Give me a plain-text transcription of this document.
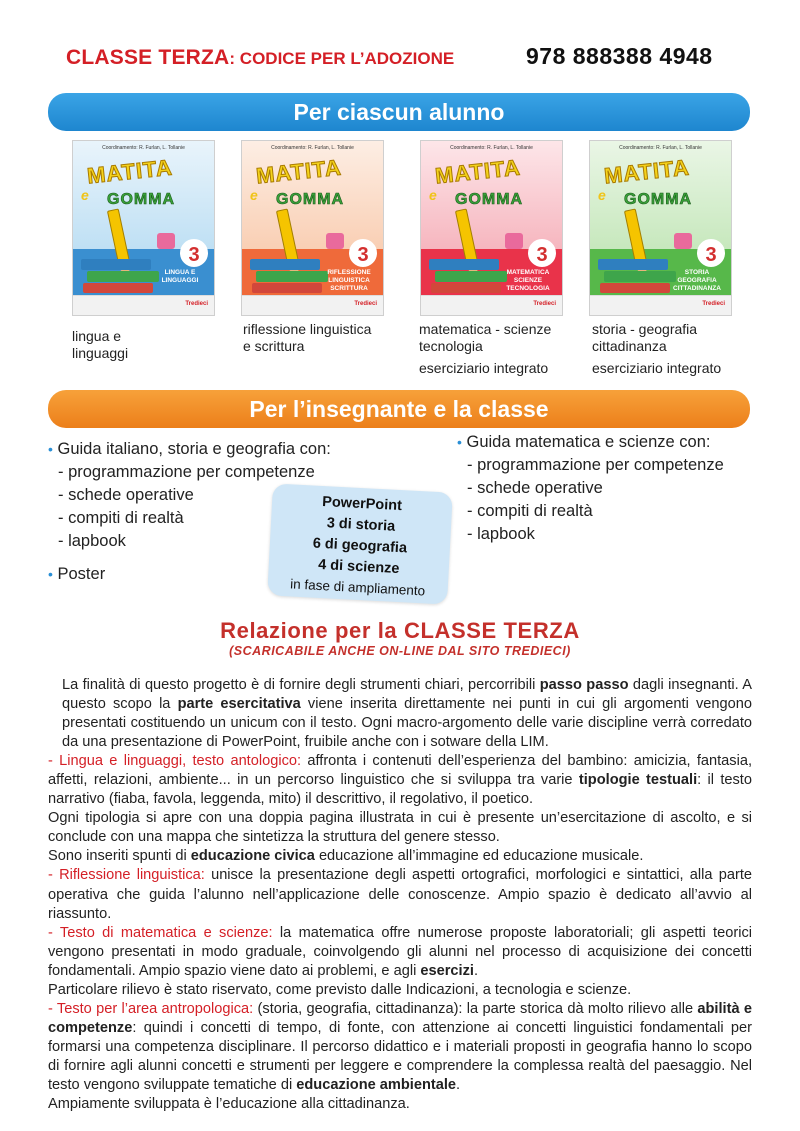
CLASSE TERZA: CODICE PER L’ADOZIONE	978 888388 4948
Per ciascun alunno
Coordinamento: R. Furlan, L. Tollanie
MATITA
e GOMMA
3
LINGUA E LINGUAGGI
Tredieci
Coordinamento: R. Furlan, L. Tollanie
MATITA
e GOMMA
3
RIFLESSIONE LINGUISTICA SCRITTURA
Tredieci
Coordinamento: R. Furlan, L. Tollanie
MATITA
e GOMMA
3
MATEMATICA SCIENZE TECNOLOGIA
Tredieci
Coordinamento: R. Furlan, L. Tollanie
MATITA
e GOMMA
3
STORIA GEOGRAFIA CITTADINANZA
Tredieci
lingua e
linguaggi
riflessione linguistica
e scrittura
matematica - scienze
tecnologia
eserciziario integrato
storia - geografia
cittadinanza
eserciziario integrato
Per l’insegnante e la classe
• Guida italiano, storia e geografia con:
- programmazione per competenze
- schede operative
- compiti di realtà
- lapbook
• Poster
• Guida matematica e scienze con:
- programmazione per competenze
- schede operative
- compiti di realtà
- lapbook
PowerPoint
3 di storia
6 di geografia
4 di scienze
in fase di ampliamento
Relazione per la CLASSE TERZA
(SCARICABILE ANCHE ON-LINE DAL SITO TREDIECI)

La finalità di questo progetto è di fornire degli strumenti chiari, percorribili passo passo dagli insegnanti. A questo scopo la parte esercitativa viene inserita direttamente nei punti in cui gli argomenti vengono presentati costituendo un unicum con il testo. Ogni macro-argomento delle varie discipline verrà corredato da una presentazione di PowerPoint, fruibile anche con i sotware della LIM.

- Lingua e linguaggi, testo antologico: affronta i contenuti dell’esperienza del bambino: amicizia, fantasia, affetti, relazioni, ambiente... in un percorso linguistico che si sviluppa tra varie tipologie testuali: il testo narrativo (fiaba, favola, leggenda, mito) il descrittivo, il regolativo, il poetico.

Ogni tipologia si apre con una doppia pagina illustrata in cui è presente un’esercitazione di ascolto, e si conclude con una mappa che sintetizza la struttura del genere stesso.

Sono inseriti spunti di educazione civica educazione all’immagine ed educazione musicale.

- Riflessione linguistica: unisce la presentazione degli aspetti ortografici, morfologici e sintattici, alla parte operativa che guida l’alunno nell’applicazione delle conoscenze. Ampio spazio è dedicato all’avvio al riassunto.

- Testo di matematica e scienze: la matematica offre numerose proposte laboratoriali; gli aspetti teorici vengono presentati in modo graduale, coinvolgendo gli alunni nel processo di acquisizione dei concetti fondamentali. Ampio spazio viene dato ai problemi, e agli esercizi.

Particolare rilievo è stato riservato, come previsto dalle Indicazioni, a tecnologia e scienze.

- Testo per l’area antropologica: (storia, geografia, cittadinanza): la parte storica dà molto rilievo alle abilità e competenze: quindi i concetti di tempo, di fonte, con attenzione ai concetti linguistici fondamentali per formarsi una competenza disciplinare. Il percorso didattico e i materiali proposti in geografia hanno lo scopo di fornire agli alunni concetti e strumenti per leggere e comprendere la complessa realtà del paesaggio. Nel testo vengono sviluppate tematiche di educazione ambientale.

Ampiamente sviluppata è l’educazione alla cittadinanza.
